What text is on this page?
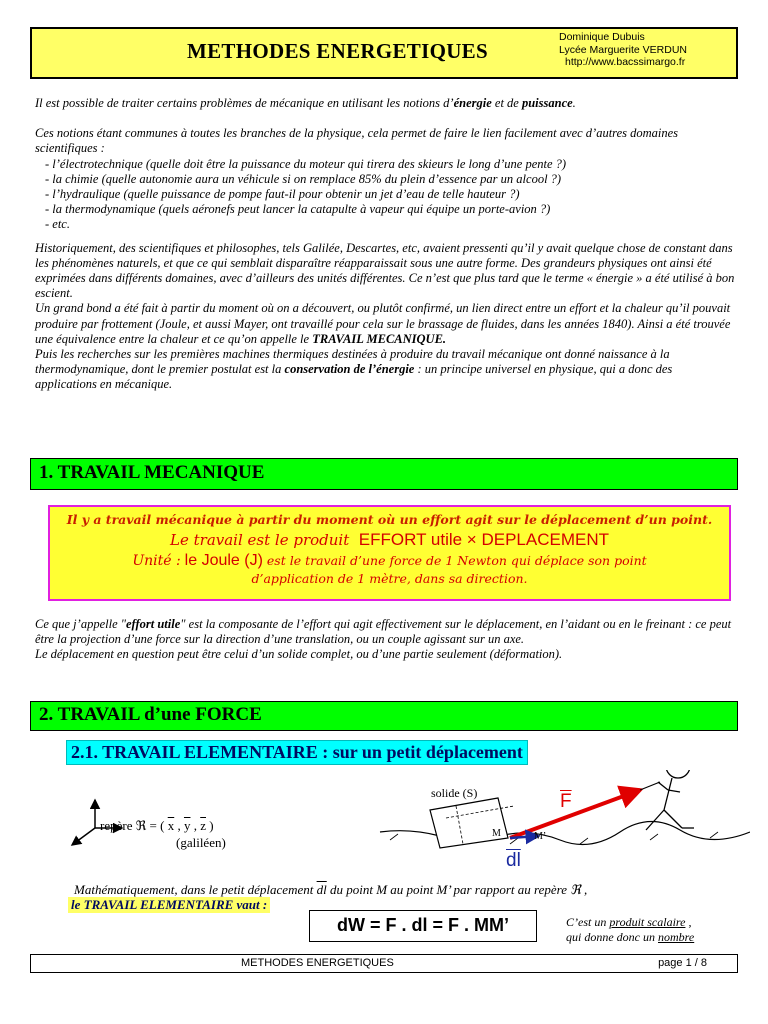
METHODES ENERGETIQUES
Dominique Dubuis
Lycée Marguerite VERDUN
http://www.bacssimargo.fr

Il est possible de traiter certains problèmes de mécanique en utilisant les notions d’énergie et de puissance.

Ces notions étant communes à toutes les branches de la physique, cela permet de faire le lien facilement avec d’autres domaines scientifiques :

- l’électrotechnique (quelle doit être la puissance du moteur qui tirera des skieurs le long d’une pente ?)

- la chimie (quelle autonomie aura un véhicule si on remplace 85% du plein d’essence par un alcool ?)

- l’hydraulique (quelle puissance de pompe faut-il pour obtenir un jet d’eau de telle hauteur ?)

- la thermodynamique (quels aéronefs peut lancer la catapulte à vapeur qui équipe un porte-avion ?)

- etc.

Historiquement, des scientifiques et philosophes, tels Galilée, Descartes, etc, avaient pressenti qu’il y avait quelque chose de constant dans les phénomènes naturels, et que ce qui semblait disparaître réapparaissait sous une autre forme. Des grandeurs physiques ont ainsi été exprimées dans différents domaines, avec d’ailleurs des unités différentes. Ce n’est que plus tard que le terme « énergie » a été utilisé à bon escient.

Un grand bond a été fait à partir du moment où on a découvert, ou plutôt confirmé, un lien direct entre un effort et la chaleur qu’il pouvait produire par frottement (Joule, et aussi Mayer, ont travaillé pour cela sur le brassage de fluides, dans les années 1840). Ainsi a été trouvée une équivalence entre la chaleur et ce qu’on appelle le TRAVAIL MECANIQUE.

Puis les recherches sur les premières machines thermiques destinées à produire du travail mécanique ont donné naissance à la thermodynamique, dont le premier postulat est la conservation de l’énergie : un principe universel en physique, qui a donc des applications en mécanique.

1. TRAVAIL MECANIQUE
Il y a travail mécanique à partir du moment où un effort agit sur le déplacement d’un point.
Le travail est le produit EFFORT utile × DEPLACEMENT
Unité : le Joule (J) est le travail d’une force de 1 Newton qui déplace son point
d’application de 1 mètre, dans sa direction.

Ce que j’appelle "effort utile" est la composante de l’effort qui agit effectivement sur le déplacement, en l’aidant ou en le freinant : ce peut être la projection d’une force sur la direction d’une translation, ou un couple agissant sur un axe.

Le déplacement en question peut être celui d’un solide complet, ou d’une partie seulement (déformation).

2. TRAVAIL d’une FORCE
2.1. TRAVAIL ELEMENTAIRE : sur un petit déplacement
repère ℜ = ( $\overline{x}$ , $\overline{y}$ , $\overline{z}$ )
(galiléen)
solide (S)	$\overline{F}$
M	M’
$\overline{dl}$
Mathématiquement, dans le petit déplacement $\overline{dl}$ du point M au point M’ par rapport au repère ℜ ,
le TRAVAIL ELEMENTAIRE vaut :
dW = F . dl = F . MM’	C’est un produit scalaire ,

qui donne donc un nombre

METHODES ENERGETIQUES	page 1 / 8
